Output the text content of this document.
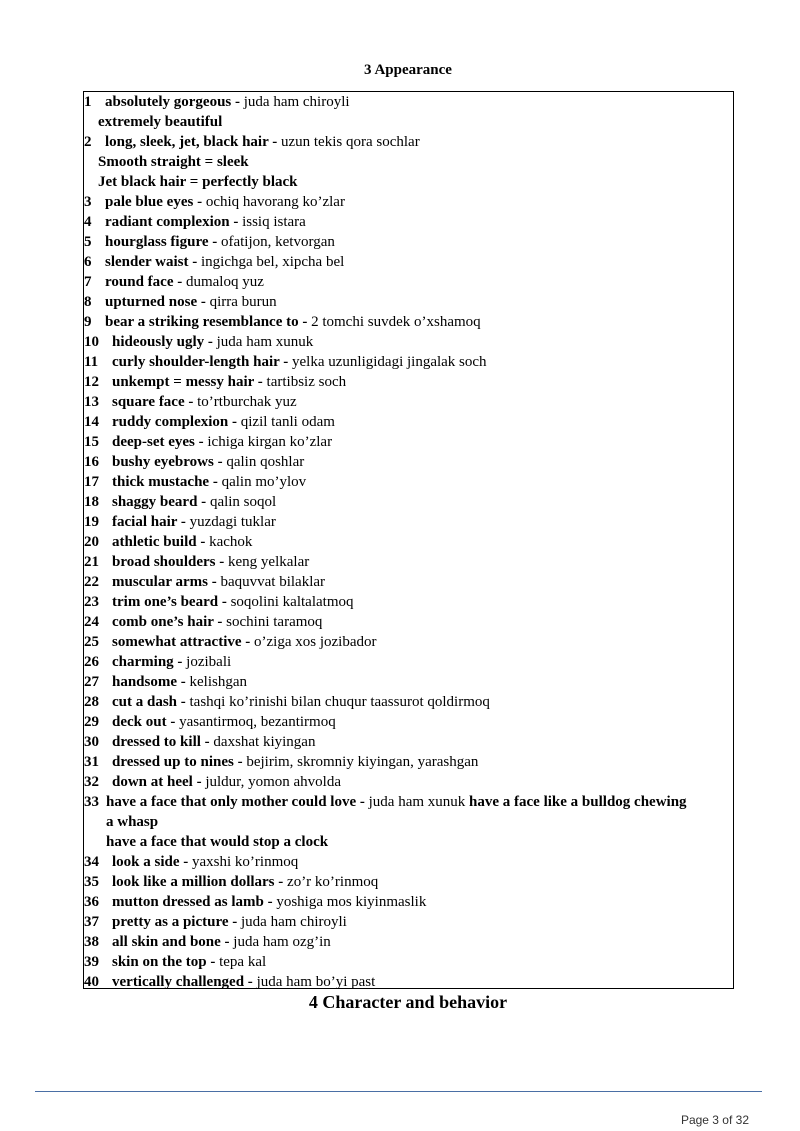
3 Appearance
1 absolutely gorgeous - juda ham chiroyli
extremely beautiful
2 long, sleek, jet, black hair - uzun tekis qora sochlar
Smooth straight = sleek
Jet black hair = perfectly black
3 pale blue eyes - ochiq havorang ko’zlar
4 radiant complexion - issiq istara
5 hourglass figure - ofatijon, ketvorgan
6 slender waist - ingichga bel, xipcha bel
7 round face - dumaloq yuz
8 upturned nose - qirra burun
9 bear a striking resemblance to - 2 tomchi suvdek o’xshamoq
10 hideously ugly - juda ham xunuk
11 curly shoulder-length hair - yelka uzunligidagi jingalak soch
12 unkempt = messy hair - tartibsiz soch
13 square face - to’rtburchak yuz
14 ruddy complexion - qizil tanli odam
15 deep-set eyes - ichiga kirgan ko’zlar
16 bushy eyebrows - qalin qoshlar
17 thick mustache - qalin mo’ylov
18 shaggy beard - qalin soqol
19 facial hair - yuzdagi tuklar
20 athletic build - kachok
21 broad shoulders - keng yelkalar
22 muscular arms - baquvvat bilaklar
23 trim one’s beard - soqolini kaltalatmoq
24 comb one’s hair - sochini taramoq
25 somewhat attractive - o’ziga xos jozibador
26 charming - jozibali
27 handsome - kelishgan
28 cut a dash - tashqi ko’rinishi bilan chuqur taassurot qoldirmoq
29 deck out - yasantirmoq, bezantirmoq
30 dressed to kill - daxshat kiyingan
31 dressed up to nines - bejirim, skromniy kiyingan, yarashgan
32 down at heel - juldur, yomon ahvolda
33 have a face that only mother could love - juda ham xunuk have a face like a bulldog chewing
a whasp
have a face that would stop a clock
34 look a side - yaxshi ko’rinmoq
35 look like a million dollars - zo’r ko’rinmoq
36 mutton dressed as lamb - yoshiga mos kiyinmaslik
37 pretty as a picture - juda ham chiroyli
38 all skin and bone - juda ham ozg’in
39 skin on the top - tepa kal
40 vertically challenged - juda ham bo’yi past
4 Character and behavior
Page 3 of 32
